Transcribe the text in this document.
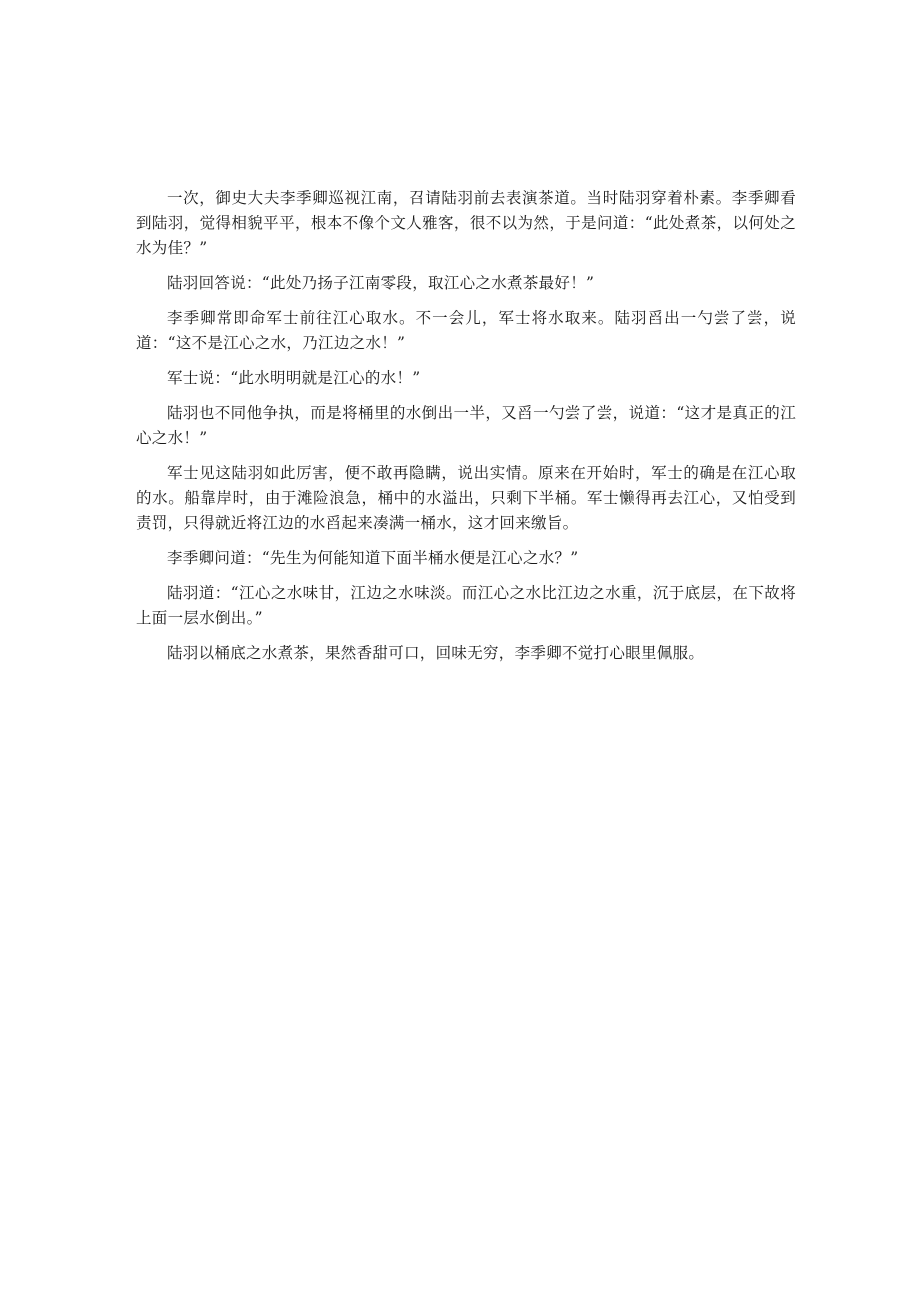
一次，御史大夫李季卿巡视江南，召请陆羽前去表演茶道。当时陆羽穿着朴素。李季卿看到陆羽，觉得相貌平平，根本不像个文人雅客，很不以为然，于是问道：“此处煮茶，以何处之水为佳？”

陆羽回答说：“此处乃扬子江南零段，取江心之水煮茶最好！”

李季卿常即命军士前往江心取水。不一会儿，军士将水取来。陆羽舀出一勺尝了尝，说道：“这不是江心之水，乃江边之水！”

军士说：“此水明明就是江心的水！”

陆羽也不同他争执，而是将桶里的水倒出一半，又舀一勺尝了尝，说道：“这才是真正的江心之水！”

军士见这陆羽如此厉害，便不敢再隐瞒，说出实情。原来在开始时，军士的确是在江心取的水。船靠岸时，由于滩险浪急，桶中的水溢出，只剩下半桶。军士懒得再去江心，又怕受到责罚，只得就近将江边的水舀起来凑满一桶水，这才回来缴旨。

李季卿问道：“先生为何能知道下面半桶水便是江心之水？”

陆羽道：“江心之水味甘，江边之水味淡。而江心之水比江边之水重，沉于底层，在下故将上面一层水倒出。”

陆羽以桶底之水煮茶，果然香甜可口，回味无穷，李季卿不觉打心眼里佩服。
